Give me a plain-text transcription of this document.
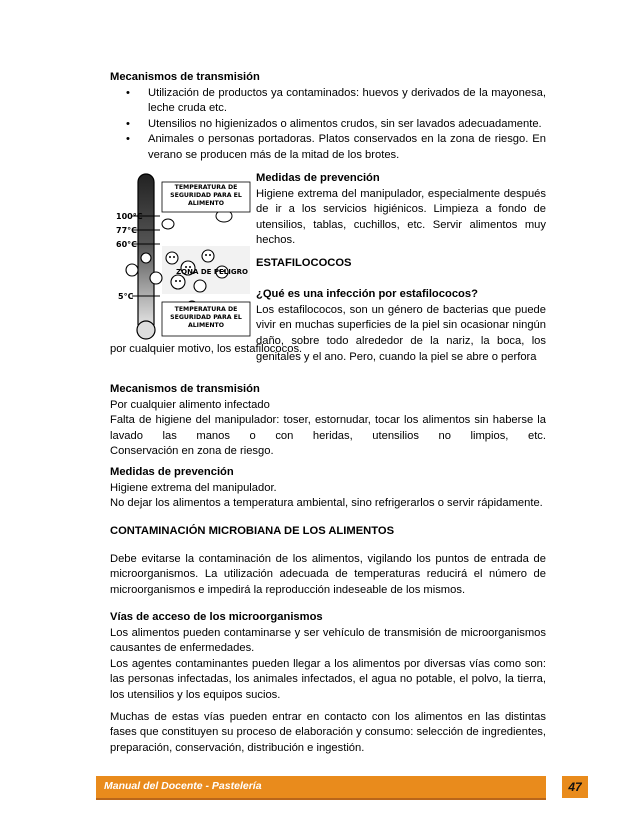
Mecanismos de transmisión

• Utilización de productos ya contaminados: huevos y derivados de la mayonesa, leche cruda etc.
• Utensilios no higienizados o alimentos crudos, sin ser lavados adecuadamente.
• Animales o personas portadoras. Platos conservados en la zona de riesgo. En verano se producen más de la mitad de los brotes.
100°C
77°C
60°C
5°C
ZONA DE PELIGRO
TEMPERATURA DE SEGURIDAD PARA EL ALIMENTO
TEMPERATURA DE SEGURIDAD PARA EL ALIMENTO

Medidas de prevención

Higiene extrema del manipulador, especialmente después de ir a los servicios higiénicos. Limpieza a fondo de utensilios, tablas, cuchillos, etc. Servir alimentos muy hechos.

ESTAFILOCOCOS

¿Qué es una infección por estafilococos?

Los estafilococos, son un género de bacterias que puede vivir en muchas superficies de la piel sin ocasionar ningún daño, sobre todo alrededor de la nariz, la boca, los genitales y el ano. Pero, cuando la piel se abre o perfora

por cualquier motivo, los estafilococos.

Mecanismos de transmisión

Por cualquier alimento infectado

Falta de higiene del manipulador: toser, estornudar, tocar los alimentos sin haberse la lavado las manos o con heridas, utensilios no limpios, etc.

Conservación en zona de riesgo.

Medidas de prevención

Higiene extrema del manipulador.

No dejar los alimentos a temperatura ambiental, sino refrigerarlos o servir rápidamente.

CONTAMINACIÓN MICROBIANA DE LOS ALIMENTOS

Debe evitarse la contaminación de los alimentos, vigilando los puntos de entrada de microorganismos. La utilización adecuada de temperaturas reducirá el número de microorganismos e impedirá la reproducción indeseable de los mismos.

Vías de acceso de los microorganismos

Los alimentos pueden contaminarse y ser vehículo de transmisión de microorganismos causantes de enfermedades.

Los agentes contaminantes pueden llegar a los alimentos por diversas vías como son: las personas infectadas, los animales infectados, el agua no potable, el polvo, la tierra, los utensilios y los equipos sucios.

Muchas de estas vías pueden entrar en contacto con los alimentos en las distintas fases que constituyen su proceso de elaboración y consumo: selección de ingredientes, preparación, conservación, distribución e ingestión.

Manual del Docente - Pastelería	47
